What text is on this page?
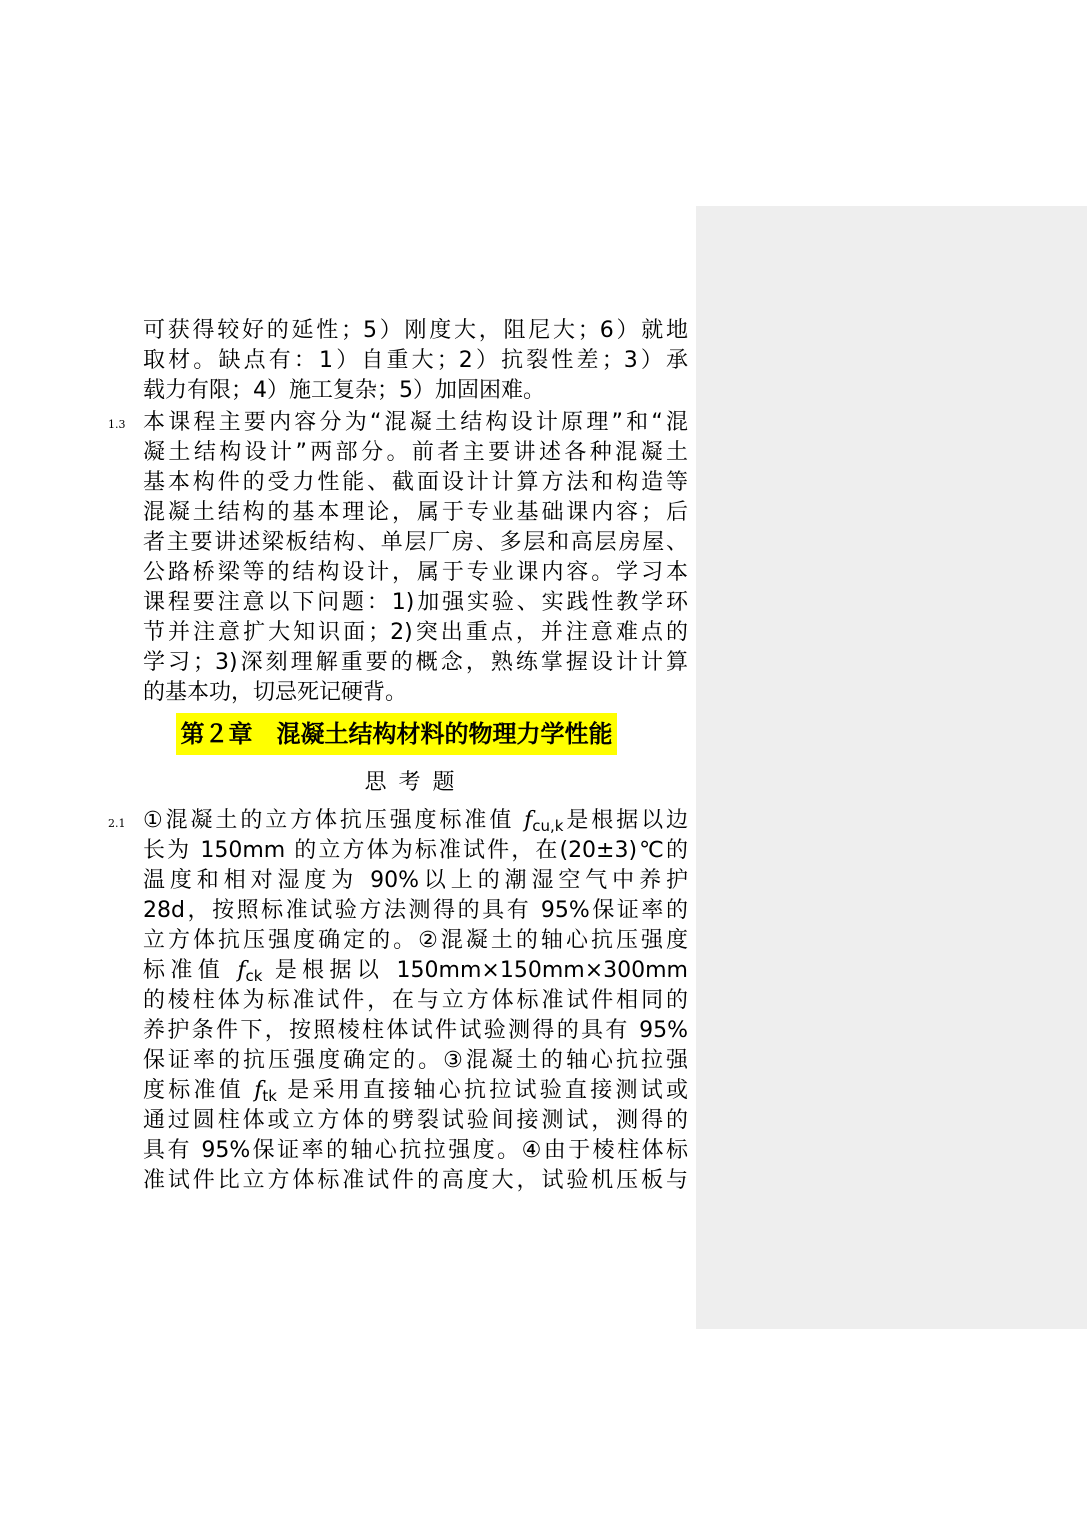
可获得较好的延性；5）刚度大，阻尼大；6）就地
取材。缺点有：1）自重大；2）抗裂性差；3）承
载力有限；4）施工复杂；5）加固困难。
1.3 本课程主要内容分为“混凝土结构设计原理”和“混
凝土结构设计”两部分。前者主要讲述各种混凝土
基本构件的受力性能、截面设计计算方法和构造等
混凝土结构的基本理论，属于专业基础课内容；后
者主要讲述梁板结构、单层厂房、多层和高层房屋、
公路桥梁等的结构设计，属于专业课内容。学习本
课程要注意以下问题：1)加强实验、实践性教学环
节并注意扩大知识面；2)突出重点，并注意难点的
学习；3)深刻理解重要的概念，熟练掌握设计计算
的基本功，切忌死记硬背。
第２章　混凝土结构材料的物理力学性能
思考题
2.1 ①混凝土的立方体抗压强度标准值 $f_{cu,k}$是根据以边
长为 150mm 的立方体为标准试件，在(20±3)℃的
温度和相对湿度为 90%以上的潮湿空气中养护
28d，按照标准试验方法测得的具有 95%保证率的
立方体抗压强度确定的。②混凝土的轴心抗压强度
标准值 $f_{ck}$ 是根据以 150mm×150mm×300mm
的棱柱体为标准试件，在与立方体标准试件相同的
养护条件下，按照棱柱体试件试验测得的具有 95%
保证率的抗压强度确定的。③混凝土的轴心抗拉强
度标准值 $f_{tk}$ 是采用直接轴心抗拉试验直接测试或
通过圆柱体或立方体的劈裂试验间接测试，测得的
具有 95%保证率的轴心抗拉强度。④由于棱柱体标
准试件比立方体标准试件的高度大，试验机压板与
